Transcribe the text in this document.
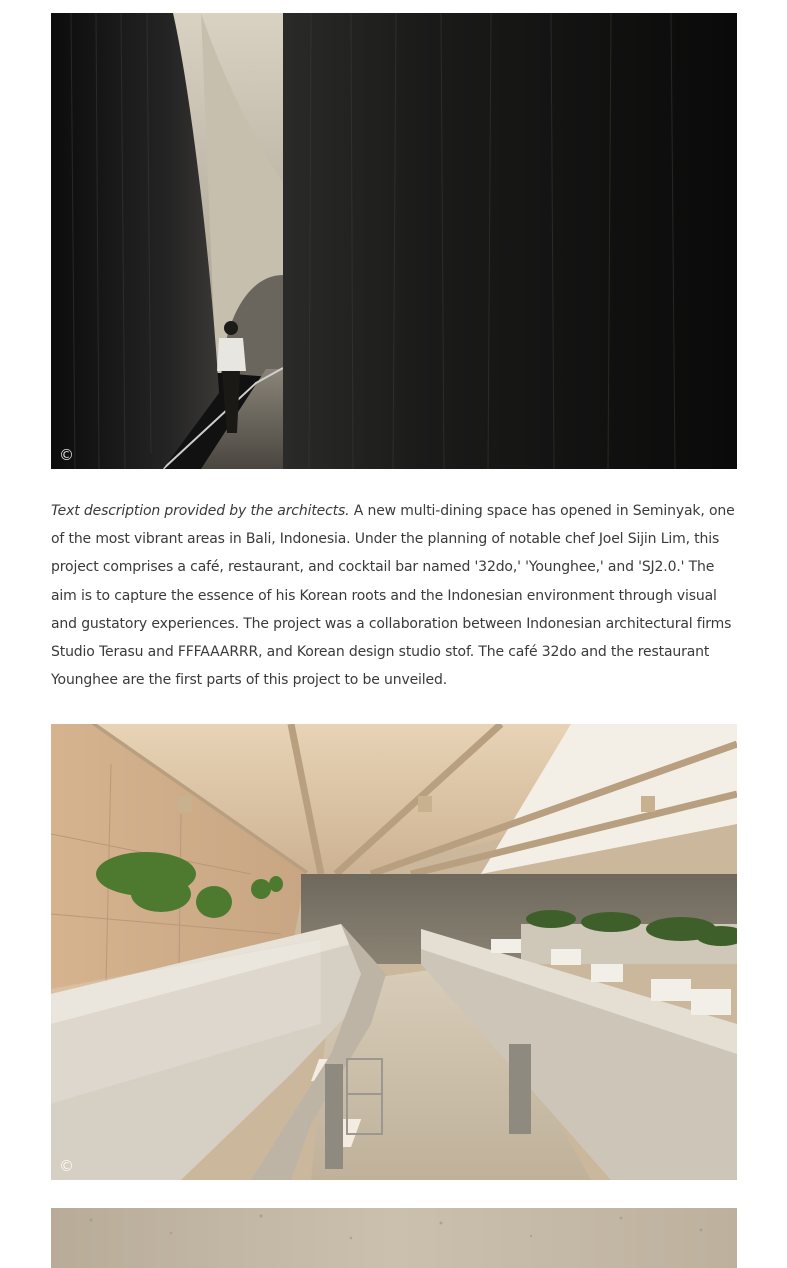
©

Text description provided by the architects. A new multi-dining space has opened in Seminyak, one of the most vibrant areas in Bali, Indonesia. Under the planning of notable chef Joel Sijin Lim, this project comprises a café, restaurant, and cocktail bar named '32do,' 'Younghee,' and 'SJ2.0.' The aim is to capture the essence of his Korean roots and the Indonesian environment through visual and gustatory experiences. The project was a collaboration between Indonesian architectural firms Studio Terasu and FFFAAARRR, and Korean design studio stof. The café 32do and the restaurant Younghee are the first parts of this project to be unveiled.

©
